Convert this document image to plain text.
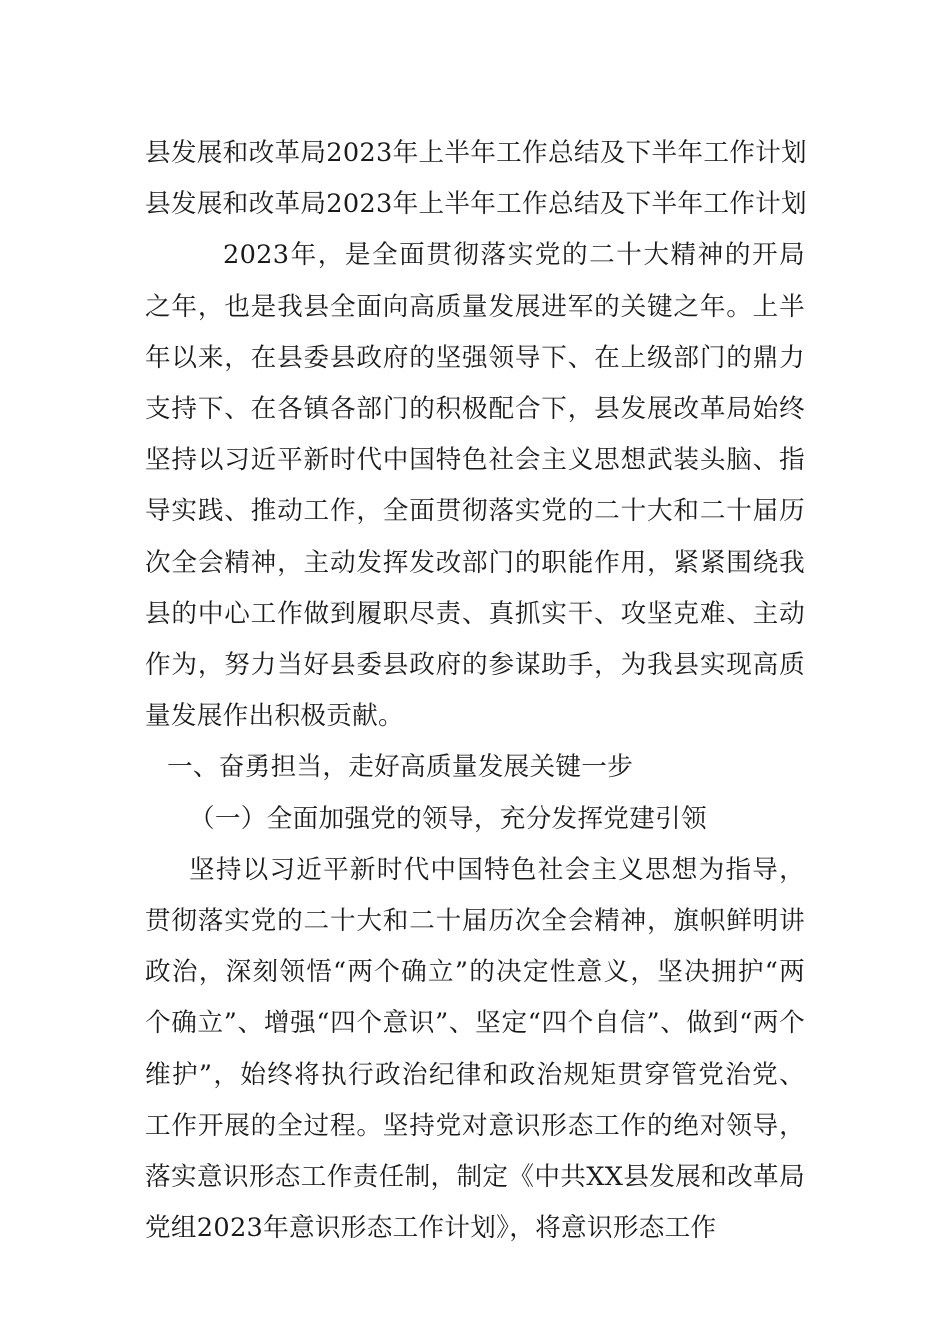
县发展和改革局2023年上半年工作总结及下半年工作计划

县发展和改革局2023年上半年工作总结及下半年工作计划

2023年，是全面贯彻落实党的二十大精神的开局之年，也是我县全面向高质量发展进军的关键之年。上半年以来，在县委县政府的坚强领导下、在上级部门的鼎力支持下、在各镇各部门的积极配合下，县发展改革局始终坚持以习近平新时代中国特色社会主义思想武装头脑、指导实践、推动工作，全面贯彻落实党的二十大和二十届历次全会精神，主动发挥发改部门的职能作用，紧紧围绕我县的中心工作做到履职尽责、真抓实干、攻坚克难、主动作为，努力当好县委县政府的参谋助手，为我县实现高质量发展作出积极贡献。

一、奋勇担当，走好高质量发展关键一步

（一）全面加强党的领导，充分发挥党建引领

坚持以习近平新时代中国特色社会主义思想为指导，贯彻落实党的二十大和二十届历次全会精神，旗帜鲜明讲政治，深刻领悟“两个确立”的决定性意义，坚决拥护“两个确立”、增强“四个意识”、坚定“四个自信”、做到“两个维护”，始终将执行政治纪律和政治规矩贯穿管党治党、工作开展的全过程。坚持党对意识形态工作的绝对领导，落实意识形态工作责任制，制定《中共XX县发展和改革局党组2023年意识形态工作计划》，将意识形态工作
